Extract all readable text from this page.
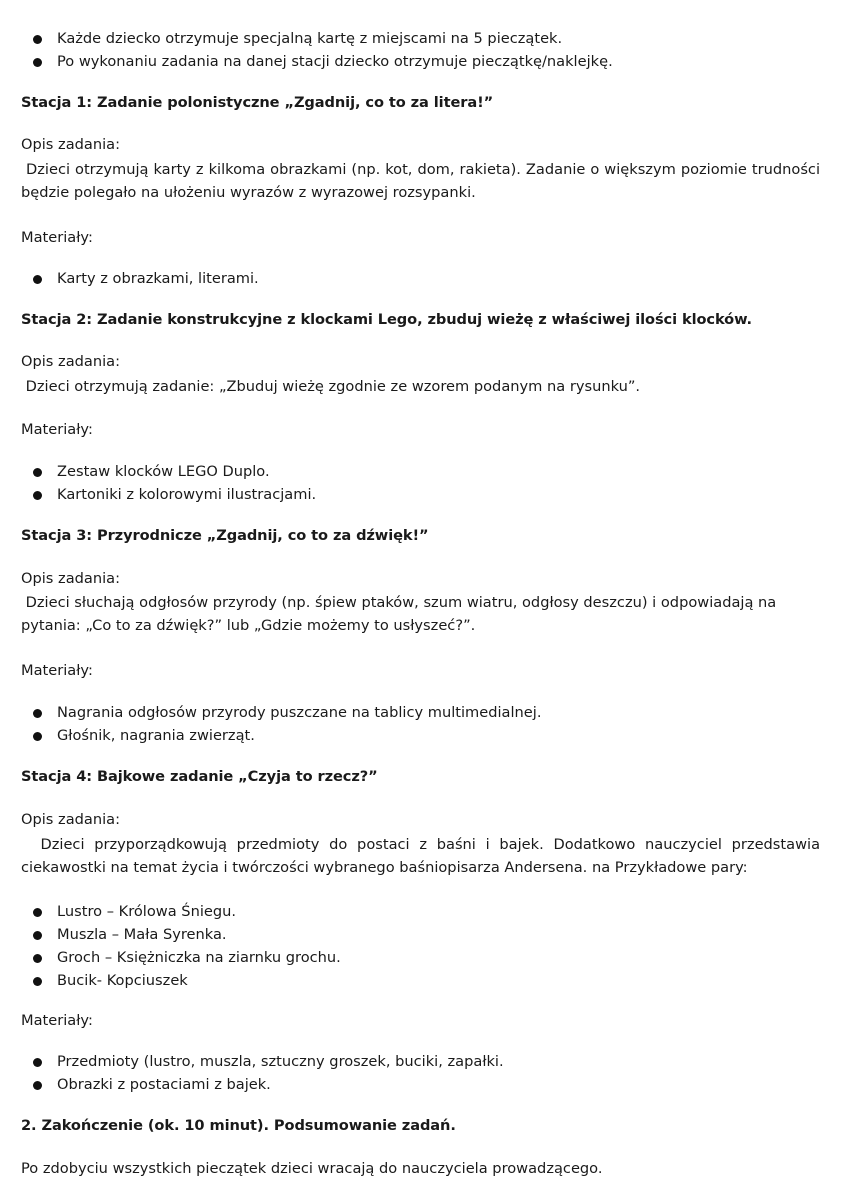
Każde dziecko otrzymuje specjalną kartę z miejscami na 5 pieczątek.
Po wykonaniu zadania na danej stacji dziecko otrzymuje pieczątkę/naklejkę.
Stacja 1: Zadanie polonistyczne „Zgadnij, co to za litera!”
Opis zadania:
Dzieci otrzymują karty z kilkoma obrazkami (np. kot, dom, rakieta). Zadanie o większym poziomie trudności będzie polegało na ułożeniu wyrazów z wyrazowej rozsypanki.
Materiały:
Karty z obrazkami, literami.
Stacja 2: Zadanie konstrukcyjne z klockami Lego, zbuduj wieżę z właściwej ilości klocków.
Opis zadania:
Dzieci otrzymują zadanie: „Zbuduj wieżę zgodnie ze wzorem podanym na rysunku”.
Materiały:
Zestaw klocków LEGO Duplo.
Kartoniki z kolorowymi ilustracjami.
Stacja 3: Przyrodnicze „Zgadnij, co to za dźwięk!”
Opis zadania:
Dzieci słuchają odgłosów przyrody (np. śpiew ptaków, szum wiatru, odgłosy deszczu) i odpowiadają na pytania: „Co to za dźwięk?” lub „Gdzie możemy to usłyszeć?”.
Materiały:
Nagrania odgłosów przyrody puszczane na tablicy multimedialnej.
Głośnik, nagrania zwierząt.
Stacja 4: Bajkowe zadanie „Czyja to rzecz?”
Opis zadania:
Dzieci przyporządkowują przedmioty do postaci z baśni i bajek. Dodatkowo nauczyciel przedstawia ciekawostki na temat życia i twórczości wybranego baśniopisarza Andersena. na Przykładowe pary:
Lustro – Królowa Śniegu.
Muszla – Mała Syrenka.
Groch – Księżniczka na ziarnku grochu.
Bucik- Kopciuszek
Materiały:
Przedmioty (lustro, muszla, sztuczny groszek, buciki, zapałki.
Obrazki z postaciami z bajek.
2. Zakończenie (ok. 10 minut). Podsumowanie zadań.
Po zdobyciu wszystkich pieczątek dzieci wracają do nauczyciela prowadzącego.
